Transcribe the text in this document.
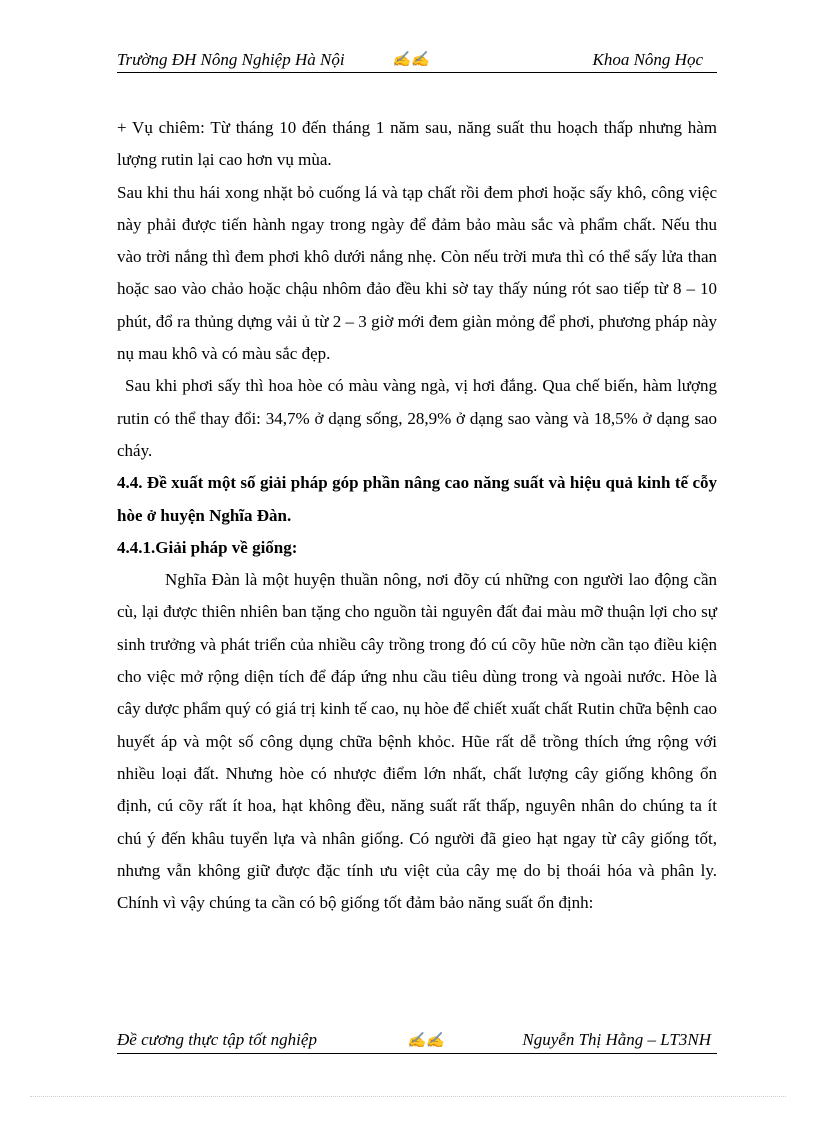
Trường ĐH Nông Nghiệp Hà Nội	✍✍	Khoa Nông Học

+ Vụ chiêm: Từ tháng 10 đến tháng 1 năm sau, năng suất thu hoạch thấp nhưng hàm lượng rutin lại cao hơn vụ mùa.

Sau khi thu hái xong nhặt bỏ cuống lá và tạp chất rồi đem phơi hoặc sấy khô, công việc này phải được tiến hành ngay trong ngày để đảm bảo màu sắc và phẩm chất. Nếu thu vào trời nắng thì đem phơi khô dưới nắng nhẹ. Còn nếu trời mưa thì có thể sấy lửa than hoặc sao vào chảo hoặc chậu nhôm đảo đều khi sờ tay thấy núng rót sao tiếp từ 8 – 10 phút, đổ ra thủng dựng vải ủ từ 2 – 3 giờ mới đem giàn mỏng để phơi, phương pháp này nụ mau khô và có màu sắc đẹp.

Sau khi phơi sấy thì hoa hòe có màu vàng ngà, vị hơi đắng. Qua chế biến, hàm lượng rutin có thể thay đổi: 34,7% ở dạng sống, 28,9% ở dạng sao vàng và 18,5% ở dạng sao cháy.

4.4. Đề xuất một số giải pháp góp phần nâng cao năng suất và hiệu quả kinh tế cỗy hòe ở huyện Nghĩa Đàn.
4.4.1.Giải pháp về giống:

Nghĩa Đàn là một huyện thuần nông, nơi đõy cú những con người lao động cần cù, lại được thiên nhiên ban tặng cho nguồn tài nguyên đất đai màu mỡ thuận lợi cho sự sinh trưởng và phát triển của nhiều cây trồng trong đó cú cõy hũe nờn cần tạo điều kiện cho việc mở rộng diện tích để đáp ứng nhu cầu tiêu dùng trong và ngoài nước. Hòe là cây dược phẩm quý có giá trị kinh tế cao, nụ hòe để chiết xuất chất Rutin chữa bệnh cao huyết áp và một số công dụng chữa bệnh khỏc. Hũe rất dễ trồng thích ứng rộng với nhiều loại đất. Nhưng hòe có nhược điểm lớn nhất, chất lượng cây giống không ổn định, cú cõy rất ít hoa, hạt không đều, năng suất rất thấp, nguyên nhân do chúng ta ít chú ý đến khâu tuyển lựa và nhân giống. Có người đã gieo hạt ngay từ cây giống tốt, nhưng vẫn không giữ được đặc tính ưu việt của cây mẹ do bị thoái hóa và phân ly. Chính vì vậy chúng ta cần có bộ giống tốt đảm bảo năng suất ổn định:

Đề cương thực tập tốt nghiệp	✍✍	Nguyễn Thị Hằng – LT3NH
